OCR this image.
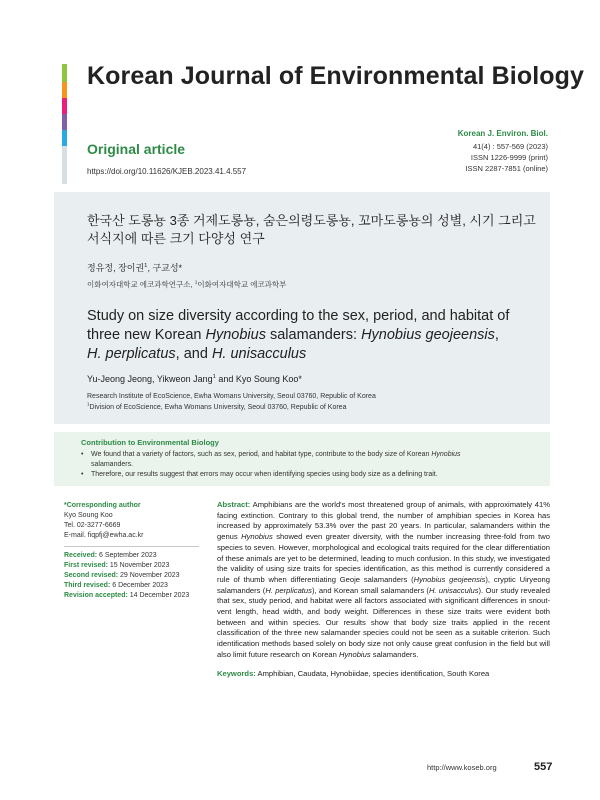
Korean Journal of Environmental Biology
Original article
https://doi.org/10.11626/KJEB.2023.41.4.557
Korean J. Environ. Biol.
41(4) : 557-569 (2023)
ISSN 1226-9999 (print)
ISSN 2287-7851 (online)
한국산 도롱뇽 3종 거제도롱뇽, 숨은의령도롱뇽, 꼬마도롱뇽의 성별, 시기 그리고 서식지에 따른 크기 다양성 연구
정유정, 장이권$^1$, 구교성*
이화여자대학교 에코과학연구소, $^1$이화여자대학교 에코과학부
Study on size diversity according to the sex, period, and habitat of three new Korean Hynobius salamanders: Hynobius geojeensis,
H. perplicatus, and H. unisacculus
Yu-Jeong Jeong, Yikweon Jang$^1$ and Kyo Soung Koo*
Research Institute of EcoScience, Ewha Womans University, Seoul 03760, Republic of Korea
$^1$Division of EcoScience, Ewha Womans University, Seoul 03760, Republic of Korea
Contribution to Environmental Biology
• We found that a variety of factors, such as sex, period, and habitat type, contribute to the body size of Korean Hynobius
salamanders.
• Therefore, our results suggest that errors may occur when identifying species using body size as a defining trait.
*Corresponding author
Kyo Soung Koo
Tel. 02-3277-6669
E-mail. fiqpfj@ewha.ac.kr
Received: 6 September 2023
First revised: 15 November 2023
Second revised: 29 November 2023
Third revised: 6 December 2023
Revision accepted: 14 December 2023
Abstract: Amphibians are the world's most threatened group of animals, with approximately 41% facing extinction. Contrary to this global trend, the number of amphibian species in Korea has increased by approximately 53.3% over the past 20 years. In particular, salamanders within the genus Hynobius showed even greater diversity, with the number increasing three-fold from two species to seven. However, morphological and ecological traits required for the clear differentiation of these animals are yet to be determined, leading to much confusion. In this study, we investigated the validity of using size traits for species identification, as this method is currently considered a rule of thumb when differentiating Geoje salamanders (Hynobius geojeensis), cryptic Uiryeong salamanders (H. perplicatus), and Korean small salamanders (H. unisacculus). Our study revealed that sex, study period, and habitat were all factors associated with significant differences in snout-vent length, head width, and body weight. Differences in these size traits were evident both between and within species. Our results show that body size traits applied in the recent classification of the three new salamander species could not be seen as a suitable criterion. Such identification methods based solely on body size not only cause great confusion in the field but will also limit future research on Korean Hynobius salamanders.
Keywords: Amphibian, Caudata, Hynobiidae, species identification, South Korea
http://www.koseb.org	557
